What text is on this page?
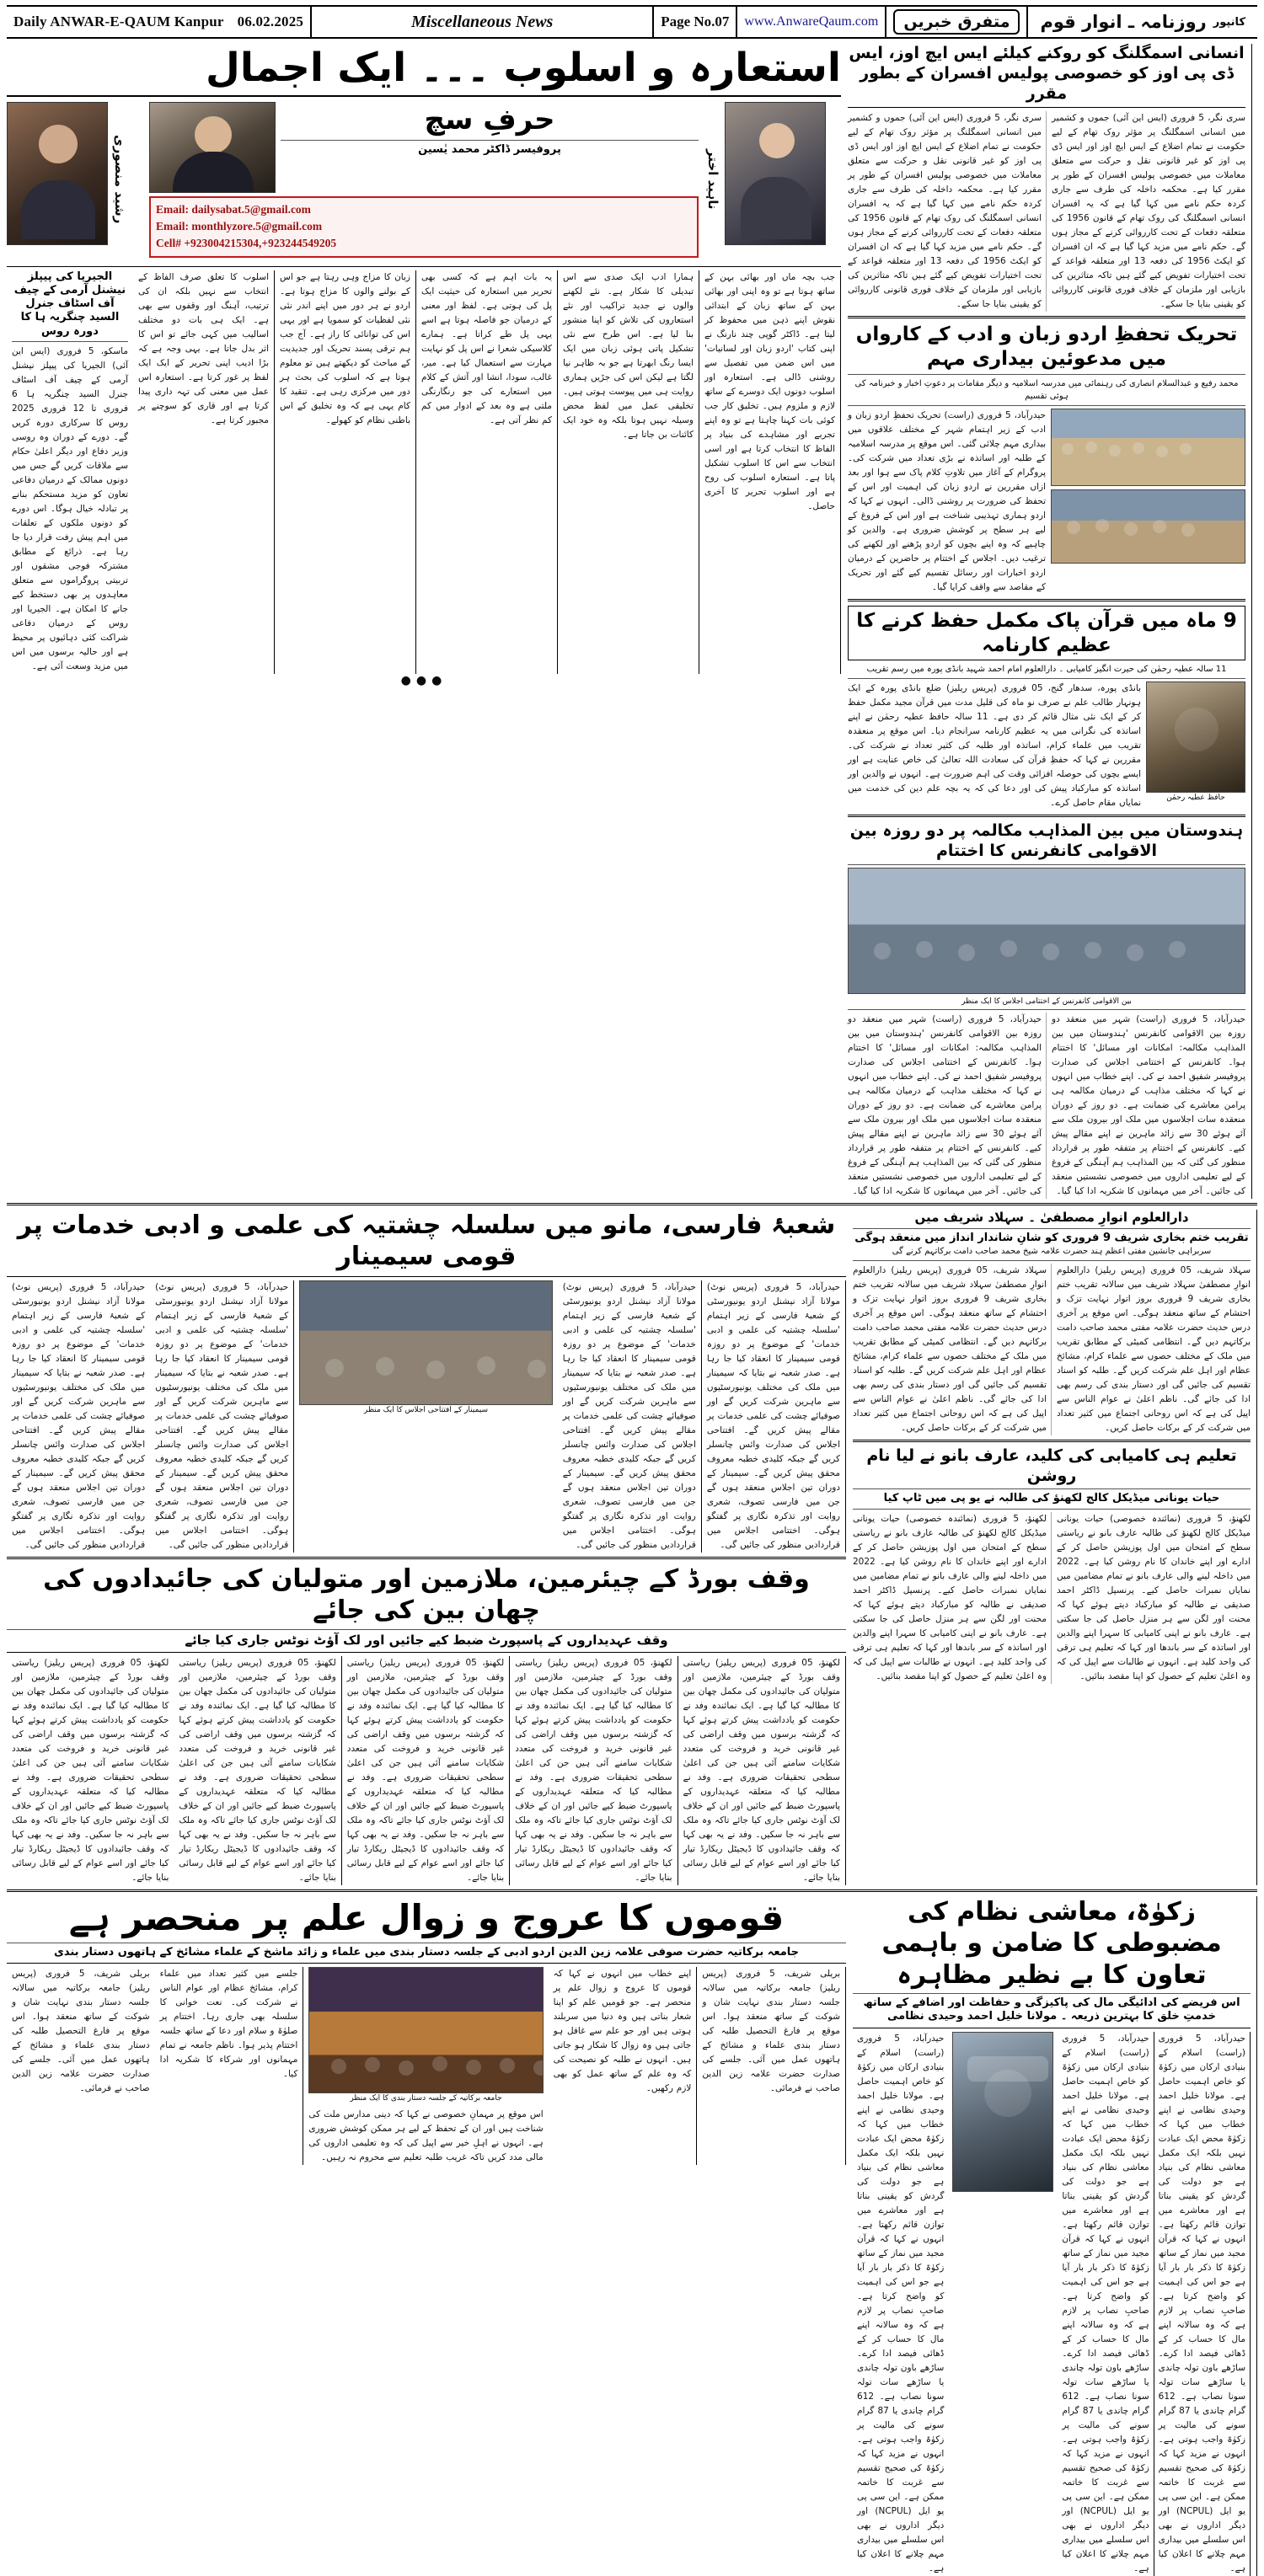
Daily ANWAR-E-QAUM Kanpur 06.02.2025	Miscellaneous News	Page No.07	www.AnwareQaum.com	متفرق خبریں	کانپور
روزنامہ ـ انوار قوم
انسانی اسمگلنگ کو روکنے کیلئے ایس ایچ اوز، ایس ڈی پی اوز کو خصوصی پولیس افسران کے بطور مقرر
سری نگر، 5 فروری (ایس این آئی) جموں و کشمیر میں انسانی اسمگلنگ پر مؤثر روک تھام کے لیے حکومت نے تمام اضلاع کے ایس ایچ اوز اور ایس ڈی پی اوز کو غیر قانونی نقل و حرکت سے متعلق معاملات میں خصوصی پولیس افسران کے طور پر مقرر کیا ہے۔ محکمہ داخلہ کی طرف سے جاری کردہ حکم نامے میں کہا گیا ہے کہ یہ افسران انسانی اسمگلنگ کی روک تھام کے قانون 1956 کی متعلقہ دفعات کے تحت کارروائی کرنے کے مجاز ہوں گے۔ حکم نامے میں مزید کہا گیا ہے کہ ان افسران کو ایکٹ 1956 کی دفعہ 13 اور متعلقہ قواعد کے تحت اختیارات تفویض کیے گئے ہیں تاکہ متاثرین کی بازیابی اور ملزمان کے خلاف فوری قانونی کارروائی کو یقینی بنایا جا سکے۔
سری نگر، 5 فروری (ایس این آئی) جموں و کشمیر میں انسانی اسمگلنگ پر مؤثر روک تھام کے لیے حکومت نے تمام اضلاع کے ایس ایچ اوز اور ایس ڈی پی اوز کو غیر قانونی نقل و حرکت سے متعلق معاملات میں خصوصی پولیس افسران کے طور پر مقرر کیا ہے۔ محکمہ داخلہ کی طرف سے جاری کردہ حکم نامے میں کہا گیا ہے کہ یہ افسران انسانی اسمگلنگ کی روک تھام کے قانون 1956 کی متعلقہ دفعات کے تحت کارروائی کرنے کے مجاز ہوں گے۔ حکم نامے میں مزید کہا گیا ہے کہ ان افسران کو ایکٹ 1956 کی دفعہ 13 اور متعلقہ قواعد کے تحت اختیارات تفویض کیے گئے ہیں تاکہ متاثرین کی بازیابی اور ملزمان کے خلاف فوری قانونی کارروائی کو یقینی بنایا جا سکے۔
تحریک تحفظِ اردو زبان و ادب کے کارواں میں مدعوئین بیداری مہم
محمد رفیع و عبدالسلام انصاری کی رہنمائی میں مدرسہ اسلامیہ و دیگر مقامات پر دعوتِ اخبار و خبرنامہ کی ہوئی تقسیم
حیدرآباد، 5 فروری (راست) تحریک تحفظِ اردو زبان و ادب کے زیر اہتمام شہر کے مختلف علاقوں میں بیداری مہم چلائی گئی۔ اس موقع پر مدرسہ اسلامیہ کے طلبہ اور اساتذہ نے بڑی تعداد میں شرکت کی۔ پروگرام کے آغاز میں تلاوتِ کلام پاک سے ہوا اور بعد ازاں مقررین نے اردو زبان کی اہمیت اور اس کے تحفظ کی ضرورت پر روشنی ڈالی۔ انہوں نے کہا کہ اردو ہماری تہذیبی شناخت ہے اور اس کے فروغ کے لیے ہر سطح پر کوشش ضروری ہے۔ والدین کو چاہیے کہ وہ اپنے بچوں کو اردو پڑھنے اور لکھنے کی ترغیب دیں۔ اجلاس کے اختتام پر حاضرین کے درمیان اردو اخبارات اور رسائل تقسیم کیے گئے اور تحریک کے مقاصد سے واقف کرایا گیا۔
9 ماہ میں قرآن پاک مکمل حفظ کرنے کا عظیم کارنامہ
11 سالہ عطیہ رحمٰن کی حیرت انگیز کامیابی ۔ دارالعلوم امام احمد شہید بانڈی پورہ میں رسم تقریب
بانڈی پورہ، سدھار گنج، 05 فروری (پریس ریلیز) ضلع بانڈی پورہ کے ایک ہونہار طالب علم نے صرف نو ماہ کی قلیل مدت میں قرآن مجید مکمل حفظ کر کے ایک نئی مثال قائم کر دی ہے۔ 11 سالہ حافظ عطیہ رحمٰن نے اپنے اساتذہ کی نگرانی میں یہ عظیم کارنامہ سرانجام دیا۔ اس موقع پر منعقدہ تقریب میں علماء کرام، اساتذہ اور طلبہ کی کثیر تعداد نے شرکت کی۔ مقررین نے کہا کہ حفظِ قرآن کی سعادت اللہ تعالیٰ کی خاص عنایت ہے اور ایسے بچوں کی حوصلہ افزائی وقت کی اہم ضرورت ہے۔ انہوں نے والدین اور اساتذہ کو مبارکباد پیش کی اور دعا کی کہ یہ بچہ علم دین کی خدمت میں نمایاں مقام حاصل کرے۔	حافظ عطیہ رحمٰن
ہندوستان میں بین المذاہب مکالمہ پر دو روزہ بین الاقوامی کانفرنس کا اختتام
بین الاقوامی کانفرنس کے اختتامی اجلاس کا ایک منظر
حیدرآباد، 5 فروری (راست) شہر میں منعقد دو روزہ بین الاقوامی کانفرنس 'ہندوستان میں بین المذاہب مکالمہ: امکانات اور مسائل' کا اختتام ہوا۔ کانفرنس کے اختتامی اجلاس کی صدارت پروفیسر شفیق احمد نے کی۔ اپنے خطاب میں انہوں نے کہا کہ مختلف مذاہب کے درمیان مکالمہ ہی پرامن معاشرے کی ضمانت ہے۔ دو روز کے دوران منعقدہ سات اجلاسوں میں ملک اور بیرون ملک سے آئے ہوئے 30 سے زائد ماہرین نے اپنے مقالے پیش کیے۔ کانفرنس کے اختتام پر متفقہ طور پر قرارداد منظور کی گئی کہ بین المذاہب ہم آہنگی کے فروغ کے لیے تعلیمی اداروں میں خصوصی نشستیں منعقد کی جائیں۔ آخر میں مہمانوں کا شکریہ ادا کیا گیا۔
حیدرآباد، 5 فروری (راست) شہر میں منعقد دو روزہ بین الاقوامی کانفرنس 'ہندوستان میں بین المذاہب مکالمہ: امکانات اور مسائل' کا اختتام ہوا۔ کانفرنس کے اختتامی اجلاس کی صدارت پروفیسر شفیق احمد نے کی۔ اپنے خطاب میں انہوں نے کہا کہ مختلف مذاہب کے درمیان مکالمہ ہی پرامن معاشرے کی ضمانت ہے۔ دو روز کے دوران منعقدہ سات اجلاسوں میں ملک اور بیرون ملک سے آئے ہوئے 30 سے زائد ماہرین نے اپنے مقالے پیش کیے۔ کانفرنس کے اختتام پر متفقہ طور پر قرارداد منظور کی گئی کہ بین المذاہب ہم آہنگی کے فروغ کے لیے تعلیمی اداروں میں خصوصی نشستیں منعقد کی جائیں۔ آخر میں مہمانوں کا شکریہ ادا کیا گیا۔
استعارہ و اسلوب ۔۔۔ ایک اجمال
رشید منصوری
حرفِ سچ
پروفیسر ڈاکٹر محمد یٰسین
Email: dailysabat.5@gmail.com
Email: monthlyzore.5@gmail.com
Cell# +923004215304,+923244549205
ناہید اختر
جب بچہ ماں اور بھائی بہن کے ساتھ ہوتا ہے تو وہ اپنی اور بھائی بہن کے ساتھ زبان کے ابتدائی نقوش اپنے ذہن میں محفوظ کر لیتا ہے۔ ڈاکٹر گوپی چند نارنگ نے اپنی کتاب 'اردو زبان اور لسانیات' میں اس ضمن میں تفصیل سے روشنی ڈالی ہے۔ استعارہ اور اسلوب دونوں ایک دوسرے کے ساتھ لازم و ملزوم ہیں۔ تخلیق کار جب کوئی بات کہنا چاہتا ہے تو وہ اپنے تجربے اور مشاہدے کی بنیاد پر الفاظ کا انتخاب کرتا ہے اور اسی انتخاب سے اس کا اسلوب تشکیل پاتا ہے۔ استعارہ اسلوب کی روح ہے اور اسلوب تحریر کا آخری حاصل۔
ہمارا ادب ایک صدی سے اس تبدیلی کا شکار ہے۔ نئے لکھنے والوں نے جدید تراکیب اور نئے استعاروں کی تلاش کو اپنا منشور بنا لیا ہے۔ اس طرح سے نئی تشکیل پاتی ہوئی زبان میں ایک ایسا رنگ ابھرتا ہے جو بہ ظاہر نیا لگتا ہے لیکن اس کی جڑیں ہماری روایت ہی میں پیوست ہوتی ہیں۔ تخلیقی عمل میں لفظ محض وسیلہ نہیں ہوتا بلکہ وہ خود ایک کائنات بن جاتا ہے۔
یہ بات اہم ہے کہ کسی بھی تحریر میں استعارہ کی حیثیت ایک پل کی ہوتی ہے۔ لفظ اور معنی کے درمیان جو فاصلہ ہوتا ہے اسے یہی پل طے کراتا ہے۔ ہمارے کلاسیکی شعرا نے اس پل کو نہایت مہارت سے استعمال کیا ہے۔ میر، غالب، سودا، انشا اور آتش کے کلام میں استعارے کی جو رنگارنگی ملتی ہے وہ بعد کے ادوار میں کم کم نظر آتی ہے۔
زبان کا مزاج وہی رہتا ہے جو اس کے بولنے والوں کا مزاج ہوتا ہے۔ اردو نے ہر دور میں اپنے اندر نئی نئی لفظیات کو سمویا ہے اور یہی اس کی توانائی کا راز ہے۔ آج جب ہم ترقی پسند تحریک اور جدیدیت کے مباحث کو دیکھتے ہیں تو معلوم ہوتا ہے کہ اسلوب کی بحث ہر دور میں مرکزی رہی ہے۔ تنقید کا کام یہی ہے کہ وہ تخلیق کے اس باطنی نظام کو کھولے۔
اسلوب کا تعلق صرف الفاظ کے انتخاب سے نہیں بلکہ ان کی ترتیب، آہنگ اور وقفوں سے بھی ہے۔ ایک ہی بات دو مختلف اسالیب میں کہی جائے تو اس کا اثر بدل جاتا ہے۔ یہی وجہ ہے کہ بڑا ادیب اپنی تحریر کے ایک ایک لفظ پر غور کرتا ہے۔ استعارہ اس عمل میں معنی کی تہہ داری پیدا کرتا ہے اور قاری کو سوچنے پر مجبور کرتا ہے۔
الجیریا کی پیپلز نیشنل آرمی کے چیف آف اسٹاف جنرل السید چنگریہ ہا کا دورہ روس
ماسکو، 5 فروری (ایس این آئی) الجیریا کی پیپلز نیشنل آرمی کے چیف آف اسٹاف جنرل السید چنگریہ ہا 6 فروری تا 12 فروری 2025 روس کا سرکاری دورہ کریں گے۔ دورے کے دوران وہ روسی وزیر دفاع اور دیگر اعلیٰ حکام سے ملاقات کریں گے جس میں دونوں ممالک کے درمیان دفاعی تعاون کو مزید مستحکم بنانے پر تبادلہ خیال ہوگا۔ اس دورے کو دونوں ملکوں کے تعلقات میں اہم پیش رفت قرار دیا جا رہا ہے۔ ذرائع کے مطابق مشترکہ فوجی مشقوں اور تربیتی پروگراموں سے متعلق معاہدوں پر بھی دستخط کیے جانے کا امکان ہے۔ الجیریا اور روس کے درمیان دفاعی شراکت کئی دہائیوں پر محیط ہے اور حالیہ برسوں میں اس میں مزید وسعت آئی ہے۔
●●●
دارالعلوم انوارِ مصطفیٰ ۔ سہلاد شریف میں
تقریب ختم بخاری شریف 9 فروری کو شانِ شاندار انداز میں منعقد ہوگی
سربراہی جانشین مفتی اعظم ہند حضرت علامہ شیخ محمد صاحب دامت برکاتہم کرنے گی
سہلاد شریف، 05 فروری (پریس ریلیز) دارالعلوم انوارِ مصطفیٰ سہلاد شریف میں سالانہ تقریب ختم بخاری شریف 9 فروری بروز اتوار نہایت تزک و احتشام کے ساتھ منعقد ہوگی۔ اس موقع پر آخری درس حدیث حضرت علامہ مفتی محمد صاحب دامت برکاتہم دیں گے۔ انتظامی کمیٹی کے مطابق تقریب میں ملک کے مختلف حصوں سے علماء کرام، مشائخ عظام اور اہل علم شرکت کریں گے۔ طلبہ کو اسناد تقسیم کی جائیں گی اور دستار بندی کی رسم بھی ادا کی جائے گی۔ ناظم اعلیٰ نے عوام الناس سے اپیل کی ہے کہ اس روحانی اجتماع میں کثیر تعداد میں شرکت کر کے برکات حاصل کریں۔
سہلاد شریف، 05 فروری (پریس ریلیز) دارالعلوم انوارِ مصطفیٰ سہلاد شریف میں سالانہ تقریب ختم بخاری شریف 9 فروری بروز اتوار نہایت تزک و احتشام کے ساتھ منعقد ہوگی۔ اس موقع پر آخری درس حدیث حضرت علامہ مفتی محمد صاحب دامت برکاتہم دیں گے۔ انتظامی کمیٹی کے مطابق تقریب میں ملک کے مختلف حصوں سے علماء کرام، مشائخ عظام اور اہل علم شرکت کریں گے۔ طلبہ کو اسناد تقسیم کی جائیں گی اور دستار بندی کی رسم بھی ادا کی جائے گی۔ ناظم اعلیٰ نے عوام الناس سے اپیل کی ہے کہ اس روحانی اجتماع میں کثیر تعداد میں شرکت کر کے برکات حاصل کریں۔
تعلیم ہی کامیابی کی کلید، عارف بانو نے لیا نام روشن
حیات یونانی میڈیکل کالج لکھنؤ کی طالبہ نے یو پی میں ٹاپ کیا
لکھنؤ، 5 فروری (نمائندہ خصوصی) حیات یونانی میڈیکل کالج لکھنؤ کی طالبہ عارف بانو نے ریاستی سطح کے امتحان میں اول پوزیشن حاصل کر کے ادارے اور اپنے خاندان کا نام روشن کیا ہے۔ 2022 میں داخلہ لینے والی عارف بانو نے تمام مضامین میں نمایاں نمبرات حاصل کیے۔ پرنسپل ڈاکٹر احمد صدیقی نے طالبہ کو مبارکباد دیتے ہوئے کہا کہ محنت اور لگن سے ہر منزل حاصل کی جا سکتی ہے۔ عارف بانو نے اپنی کامیابی کا سہرا اپنے والدین اور اساتذہ کے سر باندھا اور کہا کہ تعلیم ہی ترقی کی واحد کلید ہے۔ انہوں نے طالبات سے اپیل کی کہ وہ اعلیٰ تعلیم کے حصول کو اپنا مقصد بنائیں۔
لکھنؤ، 5 فروری (نمائندہ خصوصی) حیات یونانی میڈیکل کالج لکھنؤ کی طالبہ عارف بانو نے ریاستی سطح کے امتحان میں اول پوزیشن حاصل کر کے ادارے اور اپنے خاندان کا نام روشن کیا ہے۔ 2022 میں داخلہ لینے والی عارف بانو نے تمام مضامین میں نمایاں نمبرات حاصل کیے۔ پرنسپل ڈاکٹر احمد صدیقی نے طالبہ کو مبارکباد دیتے ہوئے کہا کہ محنت اور لگن سے ہر منزل حاصل کی جا سکتی ہے۔ عارف بانو نے اپنی کامیابی کا سہرا اپنے والدین اور اساتذہ کے سر باندھا اور کہا کہ تعلیم ہی ترقی کی واحد کلید ہے۔ انہوں نے طالبات سے اپیل کی کہ وہ اعلیٰ تعلیم کے حصول کو اپنا مقصد بنائیں۔
شعبۂ فارسی، مانو میں سلسلہ چشتیہ کی علمی و ادبی خدمات پر قومی سیمینار
حیدرآباد، 5 فروری (پریس نوٹ) مولانا آزاد نیشنل اردو یونیورسٹی کے شعبۂ فارسی کے زیر اہتمام 'سلسلہ چشتیہ کی علمی و ادبی خدمات' کے موضوع پر دو روزہ قومی سیمینار کا انعقاد کیا جا رہا ہے۔ صدر شعبہ نے بتایا کہ سیمینار میں ملک کی مختلف یونیورسٹیوں سے ماہرین شرکت کریں گے اور صوفیائے چشت کی علمی خدمات پر مقالے پیش کریں گے۔ افتتاحی اجلاس کی صدارت وائس چانسلر کریں گے جبکہ کلیدی خطبہ معروف محقق پیش کریں گے۔ سیمینار کے دوران تین اجلاس منعقد ہوں گے جن میں فارسی تصوف، شعری روایت اور تذکرہ نگاری پر گفتگو ہوگی۔ اختتامی اجلاس میں قراردادیں منظور کی جائیں گی۔
حیدرآباد، 5 فروری (پریس نوٹ) مولانا آزاد نیشنل اردو یونیورسٹی کے شعبۂ فارسی کے زیر اہتمام 'سلسلہ چشتیہ کی علمی و ادبی خدمات' کے موضوع پر دو روزہ قومی سیمینار کا انعقاد کیا جا رہا ہے۔ صدر شعبہ نے بتایا کہ سیمینار میں ملک کی مختلف یونیورسٹیوں سے ماہرین شرکت کریں گے اور صوفیائے چشت کی علمی خدمات پر مقالے پیش کریں گے۔ افتتاحی اجلاس کی صدارت وائس چانسلر کریں گے جبکہ کلیدی خطبہ معروف محقق پیش کریں گے۔ سیمینار کے دوران تین اجلاس منعقد ہوں گے جن میں فارسی تصوف، شعری روایت اور تذکرہ نگاری پر گفتگو ہوگی۔ اختتامی اجلاس میں قراردادیں منظور کی جائیں گی۔
سیمینار کے افتتاحی اجلاس کا ایک منظر
حیدرآباد، 5 فروری (پریس نوٹ) مولانا آزاد نیشنل اردو یونیورسٹی کے شعبۂ فارسی کے زیر اہتمام 'سلسلہ چشتیہ کی علمی و ادبی خدمات' کے موضوع پر دو روزہ قومی سیمینار کا انعقاد کیا جا رہا ہے۔ صدر شعبہ نے بتایا کہ سیمینار میں ملک کی مختلف یونیورسٹیوں سے ماہرین شرکت کریں گے اور صوفیائے چشت کی علمی خدمات پر مقالے پیش کریں گے۔ افتتاحی اجلاس کی صدارت وائس چانسلر کریں گے جبکہ کلیدی خطبہ معروف محقق پیش کریں گے۔ سیمینار کے دوران تین اجلاس منعقد ہوں گے جن میں فارسی تصوف، شعری روایت اور تذکرہ نگاری پر گفتگو ہوگی۔ اختتامی اجلاس میں قراردادیں منظور کی جائیں گی۔
حیدرآباد، 5 فروری (پریس نوٹ) مولانا آزاد نیشنل اردو یونیورسٹی کے شعبۂ فارسی کے زیر اہتمام 'سلسلہ چشتیہ کی علمی و ادبی خدمات' کے موضوع پر دو روزہ قومی سیمینار کا انعقاد کیا جا رہا ہے۔ صدر شعبہ نے بتایا کہ سیمینار میں ملک کی مختلف یونیورسٹیوں سے ماہرین شرکت کریں گے اور صوفیائے چشت کی علمی خدمات پر مقالے پیش کریں گے۔ افتتاحی اجلاس کی صدارت وائس چانسلر کریں گے جبکہ کلیدی خطبہ معروف محقق پیش کریں گے۔ سیمینار کے دوران تین اجلاس منعقد ہوں گے جن میں فارسی تصوف، شعری روایت اور تذکرہ نگاری پر گفتگو ہوگی۔ اختتامی اجلاس میں قراردادیں منظور کی جائیں گی۔
وقف بورڈ کے چیئرمین، ملازمین اور متولیان کی جائیدادوں کی چھان بین کی جائے
وقف عہدیداروں کے پاسپورٹ ضبط کیے جائیں اور لک آؤٹ نوٹس جاری کیا جائے
لکھنؤ، 05 فروری (پریس ریلیز) ریاستی وقف بورڈ کے چیئرمین، ملازمین اور متولیان کی جائیدادوں کی مکمل چھان بین کا مطالبہ کیا گیا ہے۔ ایک نمائندہ وفد نے حکومت کو یادداشت پیش کرتے ہوئے کہا کہ گزشتہ برسوں میں وقف اراضی کی غیر قانونی خرید و فروخت کی متعدد شکایات سامنے آئی ہیں جن کی اعلیٰ سطحی تحقیقات ضروری ہے۔ وفد نے مطالبہ کیا کہ متعلقہ عہدیداروں کے پاسپورٹ ضبط کیے جائیں اور ان کے خلاف لک آؤٹ نوٹس جاری کیا جائے تاکہ وہ ملک سے باہر نہ جا سکیں۔ وفد نے یہ بھی کہا کہ وقف جائیدادوں کا ڈیجیٹل ریکارڈ تیار کیا جائے اور اسے عوام کے لیے قابل رسائی بنایا جائے۔
لکھنؤ، 05 فروری (پریس ریلیز) ریاستی وقف بورڈ کے چیئرمین، ملازمین اور متولیان کی جائیدادوں کی مکمل چھان بین کا مطالبہ کیا گیا ہے۔ ایک نمائندہ وفد نے حکومت کو یادداشت پیش کرتے ہوئے کہا کہ گزشتہ برسوں میں وقف اراضی کی غیر قانونی خرید و فروخت کی متعدد شکایات سامنے آئی ہیں جن کی اعلیٰ سطحی تحقیقات ضروری ہے۔ وفد نے مطالبہ کیا کہ متعلقہ عہدیداروں کے پاسپورٹ ضبط کیے جائیں اور ان کے خلاف لک آؤٹ نوٹس جاری کیا جائے تاکہ وہ ملک سے باہر نہ جا سکیں۔ وفد نے یہ بھی کہا کہ وقف جائیدادوں کا ڈیجیٹل ریکارڈ تیار کیا جائے اور اسے عوام کے لیے قابل رسائی بنایا جائے۔
لکھنؤ، 05 فروری (پریس ریلیز) ریاستی وقف بورڈ کے چیئرمین، ملازمین اور متولیان کی جائیدادوں کی مکمل چھان بین کا مطالبہ کیا گیا ہے۔ ایک نمائندہ وفد نے حکومت کو یادداشت پیش کرتے ہوئے کہا کہ گزشتہ برسوں میں وقف اراضی کی غیر قانونی خرید و فروخت کی متعدد شکایات سامنے آئی ہیں جن کی اعلیٰ سطحی تحقیقات ضروری ہے۔ وفد نے مطالبہ کیا کہ متعلقہ عہدیداروں کے پاسپورٹ ضبط کیے جائیں اور ان کے خلاف لک آؤٹ نوٹس جاری کیا جائے تاکہ وہ ملک سے باہر نہ جا سکیں۔ وفد نے یہ بھی کہا کہ وقف جائیدادوں کا ڈیجیٹل ریکارڈ تیار کیا جائے اور اسے عوام کے لیے قابل رسائی بنایا جائے۔
لکھنؤ، 05 فروری (پریس ریلیز) ریاستی وقف بورڈ کے چیئرمین، ملازمین اور متولیان کی جائیدادوں کی مکمل چھان بین کا مطالبہ کیا گیا ہے۔ ایک نمائندہ وفد نے حکومت کو یادداشت پیش کرتے ہوئے کہا کہ گزشتہ برسوں میں وقف اراضی کی غیر قانونی خرید و فروخت کی متعدد شکایات سامنے آئی ہیں جن کی اعلیٰ سطحی تحقیقات ضروری ہے۔ وفد نے مطالبہ کیا کہ متعلقہ عہدیداروں کے پاسپورٹ ضبط کیے جائیں اور ان کے خلاف لک آؤٹ نوٹس جاری کیا جائے تاکہ وہ ملک سے باہر نہ جا سکیں۔ وفد نے یہ بھی کہا کہ وقف جائیدادوں کا ڈیجیٹل ریکارڈ تیار کیا جائے اور اسے عوام کے لیے قابل رسائی بنایا جائے۔
لکھنؤ، 05 فروری (پریس ریلیز) ریاستی وقف بورڈ کے چیئرمین، ملازمین اور متولیان کی جائیدادوں کی مکمل چھان بین کا مطالبہ کیا گیا ہے۔ ایک نمائندہ وفد نے حکومت کو یادداشت پیش کرتے ہوئے کہا کہ گزشتہ برسوں میں وقف اراضی کی غیر قانونی خرید و فروخت کی متعدد شکایات سامنے آئی ہیں جن کی اعلیٰ سطحی تحقیقات ضروری ہے۔ وفد نے مطالبہ کیا کہ متعلقہ عہدیداروں کے پاسپورٹ ضبط کیے جائیں اور ان کے خلاف لک آؤٹ نوٹس جاری کیا جائے تاکہ وہ ملک سے باہر نہ جا سکیں۔ وفد نے یہ بھی کہا کہ وقف جائیدادوں کا ڈیجیٹل ریکارڈ تیار کیا جائے اور اسے عوام کے لیے قابل رسائی بنایا جائے۔
زکوٰۃ، معاشی نظام کی مضبوطی کا ضامن و باہمی تعاون کا بے نظیر مظاہرہ
اس فریضے کی ادائیگی مال کی پاکیزگی و حفاظت اور اضافے کے ساتھ خدمتِ خلق کا بہترین ذریعہ ۔ مولانا خلیل احمد وحیدی نظامی
حیدرآباد، 5 فروری (راست) اسلام کے بنیادی ارکان میں زکوٰۃ کو خاص اہمیت حاصل ہے۔ مولانا خلیل احمد وحیدی نظامی نے اپنے خطاب میں کہا کہ زکوٰۃ محض ایک عبادت نہیں بلکہ ایک مکمل معاشی نظام کی بنیاد ہے جو دولت کی گردش کو یقینی بناتا ہے اور معاشرے میں توازن قائم رکھتا ہے۔ انہوں نے کہا کہ قرآن مجید میں نماز کے ساتھ زکوٰۃ کا ذکر بار بار آیا ہے جو اس کی اہمیت کو واضح کرتا ہے۔ صاحبِ نصاب پر لازم ہے کہ وہ سالانہ اپنے مال کا حساب کر کے ڈھائی فیصد ادا کرے۔ ساڑھے باون تولہ چاندی یا ساڑھے سات تولہ سونا نصاب ہے۔ 612 گرام چاندی یا 87 گرام سونے کی مالیت پر زکوٰۃ واجب ہوتی ہے۔ انہوں نے مزید کہا کہ زکوٰۃ کی صحیح تقسیم سے غربت کا خاتمہ ممکن ہے۔ این سی پی یو ایل (NCPUL) اور دیگر اداروں نے بھی اس سلسلے میں بیداری مہم چلانے کا اعلان کیا ہے۔
حیدرآباد، 5 فروری (راست) اسلام کے بنیادی ارکان میں زکوٰۃ کو خاص اہمیت حاصل ہے۔ مولانا خلیل احمد وحیدی نظامی نے اپنے خطاب میں کہا کہ زکوٰۃ محض ایک عبادت نہیں بلکہ ایک مکمل معاشی نظام کی بنیاد ہے جو دولت کی گردش کو یقینی بناتا ہے اور معاشرے میں توازن قائم رکھتا ہے۔ انہوں نے کہا کہ قرآن مجید میں نماز کے ساتھ زکوٰۃ کا ذکر بار بار آیا ہے جو اس کی اہمیت کو واضح کرتا ہے۔ صاحبِ نصاب پر لازم ہے کہ وہ سالانہ اپنے مال کا حساب کر کے ڈھائی فیصد ادا کرے۔ ساڑھے باون تولہ چاندی یا ساڑھے سات تولہ سونا نصاب ہے۔ 612 گرام چاندی یا 87 گرام سونے کی مالیت پر زکوٰۃ واجب ہوتی ہے۔ انہوں نے مزید کہا کہ زکوٰۃ کی صحیح تقسیم سے غربت کا خاتمہ ممکن ہے۔ این سی پی یو ایل (NCPUL) اور دیگر اداروں نے بھی اس سلسلے میں بیداری مہم چلانے کا اعلان کیا ہے۔
حیدرآباد، 5 فروری (راست) اسلام کے بنیادی ارکان میں زکوٰۃ کو خاص اہمیت حاصل ہے۔ مولانا خلیل احمد وحیدی نظامی نے اپنے خطاب میں کہا کہ زکوٰۃ محض ایک عبادت نہیں بلکہ ایک مکمل معاشی نظام کی بنیاد ہے جو دولت کی گردش کو یقینی بناتا ہے اور معاشرے میں توازن قائم رکھتا ہے۔ انہوں نے کہا کہ قرآن مجید میں نماز کے ساتھ زکوٰۃ کا ذکر بار بار آیا ہے جو اس کی اہمیت کو واضح کرتا ہے۔ صاحبِ نصاب پر لازم ہے کہ وہ سالانہ اپنے مال کا حساب کر کے ڈھائی فیصد ادا کرے۔ ساڑھے باون تولہ چاندی یا ساڑھے سات تولہ سونا نصاب ہے۔ 612 گرام چاندی یا 87 گرام سونے کی مالیت پر زکوٰۃ واجب ہوتی ہے۔ انہوں نے مزید کہا کہ زکوٰۃ کی صحیح تقسیم سے غربت کا خاتمہ ممکن ہے۔ این سی پی یو ایل (NCPUL) اور دیگر اداروں نے بھی اس سلسلے میں بیداری مہم چلانے کا اعلان کیا ہے۔
قوموں کا عروج و زوال علم پر منحصر ہے
جامعہ برکاتیہ حضرت صوفی علامہ زین الدین اردو ادبی کے جلسہ دستار بندی میں علماء و زائد ماشخ کے علماء مشائخ کے ہاتھوں دستار بندی
بریلی شریف، 5 فروری (پریس ریلیز) جامعہ برکاتیہ میں سالانہ جلسہ دستار بندی نہایت شان و شوکت کے ساتھ منعقد ہوا۔ اس موقع پر فارغ التحصیل طلبہ کی دستار بندی علماء و مشائخ کے ہاتھوں عمل میں آئی۔ جلسے کی صدارت حضرت علامہ زین الدین صاحب نے فرمائی۔
اپنے خطاب میں انہوں نے کہا کہ قوموں کا عروج و زوال علم پر منحصر ہے۔ جو قومیں علم کو اپنا شعار بناتی ہیں وہ دنیا میں سربلند ہوتی ہیں اور جو علم سے غافل ہو جاتی ہیں وہ زوال کا شکار ہو جاتی ہیں۔ انہوں نے طلبہ کو نصیحت کی کہ وہ علم کے ساتھ عمل کو بھی لازم رکھیں۔
جامعہ برکاتیہ کے جلسہ دستار بندی کا ایک منظر
اس موقع پر مہمانِ خصوصی نے کہا کہ دینی مدارس ملت کی شناخت ہیں اور ان کے تحفظ کے لیے ہر ممکن کوشش ضروری ہے۔ انہوں نے اہلِ خیر سے اپیل کی کہ وہ تعلیمی اداروں کی مالی مدد کریں تاکہ غریب طلبہ تعلیم سے محروم نہ رہیں۔
جلسے میں کثیر تعداد میں علماء کرام، مشائخ عظام اور عوام الناس نے شرکت کی۔ نعت خوانی کا سلسلہ بھی جاری رہا۔ اختتام پر صلوٰۃ و سلام اور دعا کے ساتھ جلسہ اختتام پذیر ہوا۔ ناظم جامعہ نے تمام مہمانوں اور شرکاء کا شکریہ ادا کیا۔
بریلی شریف، 5 فروری (پریس ریلیز) جامعہ برکاتیہ میں سالانہ جلسہ دستار بندی نہایت شان و شوکت کے ساتھ منعقد ہوا۔ اس موقع پر فارغ التحصیل طلبہ کی دستار بندی علماء و مشائخ کے ہاتھوں عمل میں آئی۔ جلسے کی صدارت حضرت علامہ زین الدین صاحب نے فرمائی۔
